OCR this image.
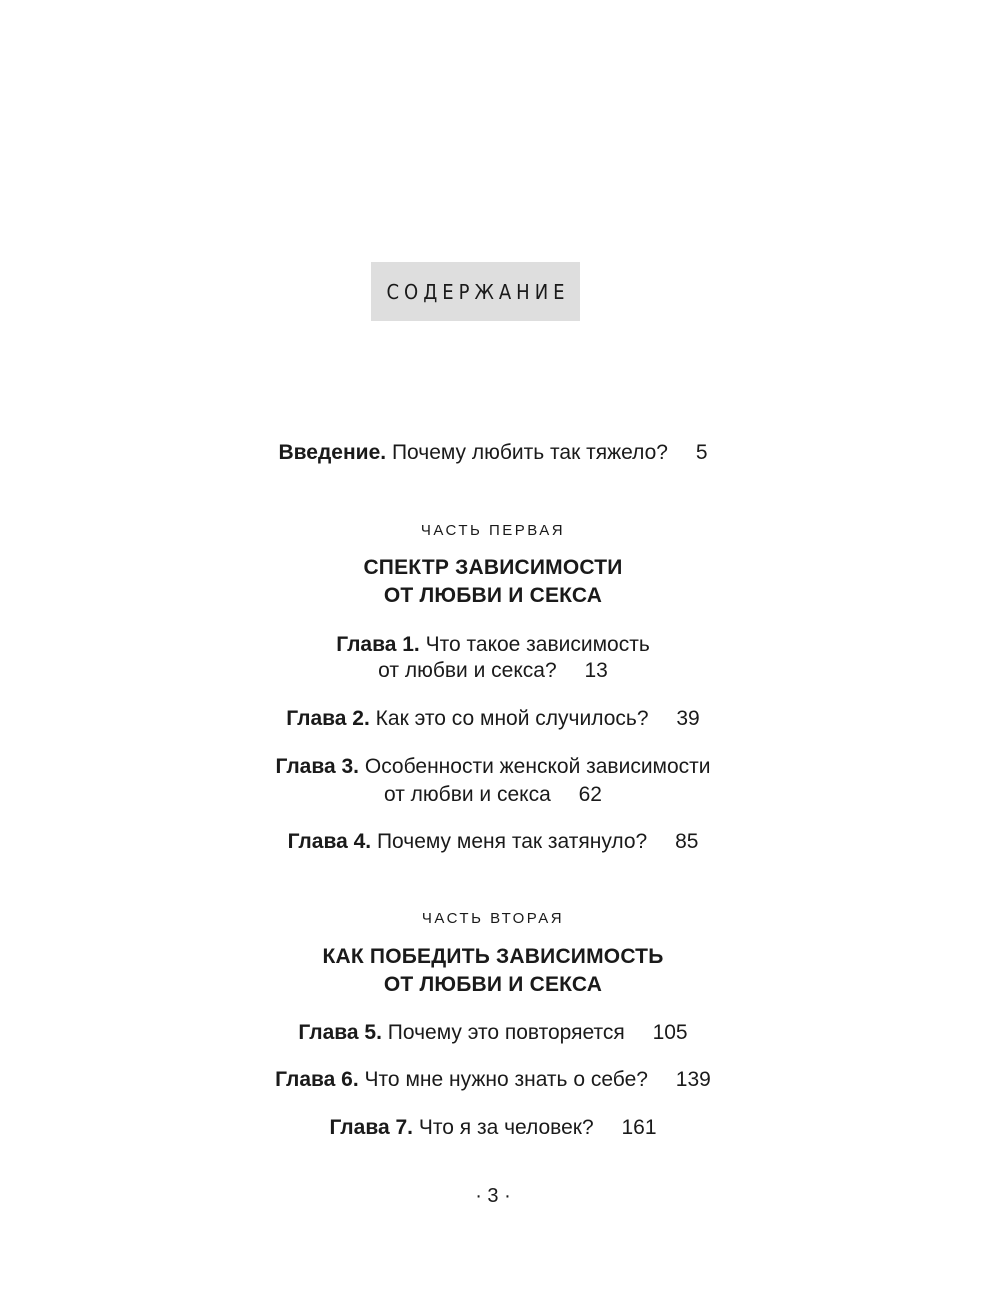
СОДЕРЖАНИЕ
Введение. Почему любить так тяжело? 5
ЧАСТЬ ПЕРВАЯ
СПЕКТР ЗАВИСИМОСТИ
ОТ ЛЮБВИ И СЕКСА
Глава 1. Что такое зависимость
от любви и секса? 13
Глава 2. Как это со мной случилось? 39
Глава 3. Особенности женской зависимости
от любви и секса 62
Глава 4. Почему меня так затянуло? 85
ЧАСТЬ ВТОРАЯ
КАК ПОБЕДИТЬ ЗАВИСИМОСТЬ
ОТ ЛЮБВИ И СЕКСА
Глава 5. Почему это повторяется 105
Глава 6. Что мне нужно знать о себе? 139
Глава 7. Что я за человек? 161
· 3 ·
